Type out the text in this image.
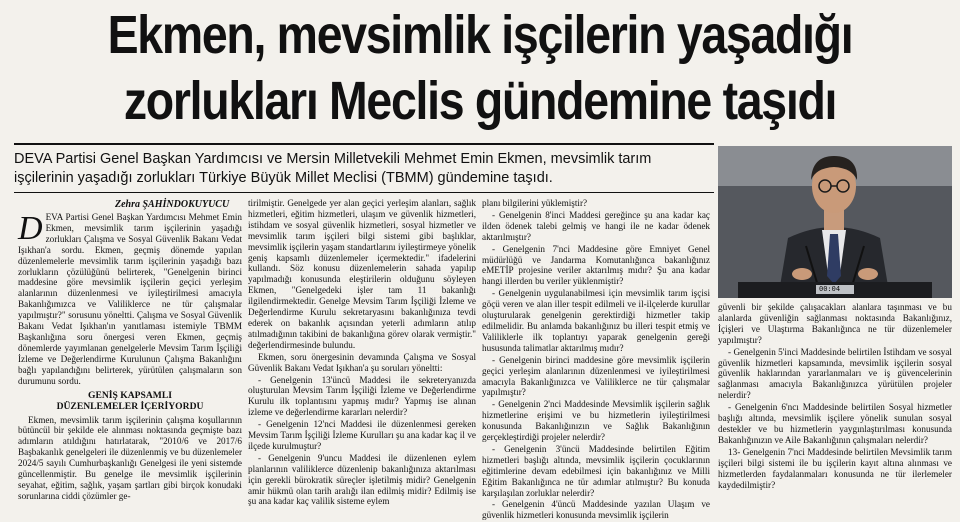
Ekmen, mevsimlik işçilerin yaşadığı
zorlukları Meclis gündemine taşıdı
DEVA Partisi Genel Başkan Yardımcısı ve Mersin Milletvekili Mehmet Emin Ekmen, mevsimlik tarım işçilerinin yaşadığı zorlukları Türkiye Büyük Millet Meclisi (TBMM) gündemine taşıdı.
00:04
Zehra ŞAHİNDOKUYUCU

DEVA Partisi Genel Başkan Yardımcısı Mehmet Emin Ekmen, mevsimlik tarım işçilerinin yaşadığı zorlukları Çalışma ve Sosyal Güvenlik Bakanı Vedat Işıkhan'a sordu. Ekmen, geçmiş dönemde yapılan düzenlemelerle mevsimlik tarım işçilerinin yaşadığı bazı zorlukların çözülüğünü belirterek, "Genelgenin birinci maddesine göre mevsimlik işçilerin geçici yerleşim alanlarının düzenlenmesi ve iyileştirilmesi amacıyla Bakanlığımızca ve Valiliklerce ne tür çalışmalar yapılmıştır?" sorusunu yöneltti. Çalışma ve Sosyal Güvenlik Bakanı Vedat Işıkhan'ın yanıtlaması istemiyle TBMM Başkanlığına soru önergesi veren Ekmen, geçmiş dönemlerde yayımlanan genelgelerle Mevsim Tarım İşçiliği İzleme ve Değerlendirme Kurulunun Çalışma Bakanlığını bağlı yapılandığını belirterek, yürütülen çalışmaların son durumunu sordu.

GENİŞ KAPSAMLI
DÜZENLEMELER İÇERİYORDU

Ekmen, mevsimlik tarım işçilerinin çalışma koşullarının bütüncül bir şekilde ele alınması noktasında geçmişte bazı adımların atıldığını hatırlatarak, "2010/6 ve 2017/6 Başbakanlık genelgeleri ile düzenlenmiş ve bu düzenlemeler 2024/5 sayılı Cumhurbaşkanlığı Genelgesi ile yeni sistemde güncellenmiştir. Bu genelge ile mevsimlik işçilerinin seyahat, eğitim, sağlık, yaşam şartları gibi birçok konudaki sorunlarına ciddi çözümler ge-

tirilmiştir. Genelgede yer alan geçici yerleşim alanları, sağlık hizmetleri, eğitim hizmetleri, ulaşım ve güvenlik hizmetleri, istihdam ve sosyal güvenlik hizmetleri, sosyal hizmetler ve mevsimlik tarım işçileri bilgi sistemi gibi başlıklar, mevsimlik işçilerin yaşam standartlarını iyileştirmeye yönelik geniş kapsamlı düzenlemeler içermektedir." ifadelerini kullandı. Söz konusu düzenlemelerin sahada yapılıp yapılmadığı konusunda eleştirilerin olduğunu söyleyen Ekmen, "Genelgedeki işler tam 11 bakanlığı ilgilendirmektedir. Genelge Mevsim Tarım İşçiliği İzleme ve Değerlendirme Kurulu sekretaryasını bakanlığınıza tevdi ederek on bakanlık açısından yeterli adımların atılıp atılmadığının takibini de bakanlığına görev olarak vermiştir." değerlendirmesinde bulundu.

Ekmen, soru önergesinin devamında Çalışma ve Sosyal Güvenlik Bakanı Vedat Işıkhan'a şu soruları yöneltti:

- Genelgenin 13'üncü Maddesi ile sekreteryanızda oluşturulan Mevsim Tarım İşçiliği İzleme ve Değerlendirme Kurulu ilk toplantısını yapmış mıdır? Yapmış ise alınan izleme ve değerlendirme kararları nelerdir?

- Genelgenin 12'nci Maddesi ile düzenlenmesi gereken Mevsim Tarım İşçiliği İzleme Kurulları şu ana kadar kaç il ve ilçede kurulmuştur?

- Genelgenin 9'uncu Maddesi ile düzenlenen eylem planlarının valiliklerce düzenlenip bakanlığınıza aktarılması için gerekli bürokratik süreçler işletilmiş midir? Genelgenin amir hükmü olan tarih aralığı ilan edilmiş midir? Edilmiş ise şu ana kadar kaç valilik sisteme eylem

planı bilgilerini yüklemiştir?

- Genelgenin 8'inci Maddesi gereğince şu ana kadar kaç ilden ödenek talebi gelmiş ve hangi ile ne kadar ödenek aktarılmıştır?

- Genelgenin 7'nci Maddesine göre Emniyet Genel müdürlüğü ve Jandarma Komutanlığınca bakanlığınız eMETİP projesine veriler aktarılmış mıdır? Şu ana kadar hangi illerden bu veriler yüklenmiştir?

- Genelgenin uygulanabilmesi için mevsimlik tarım işçisi göçü veren ve alan iller tespit edilmeli ve il-ilçelerde kurullar oluşturularak genelgenin gerektirdiği hizmetler takip edilmelidir. Bu anlamda bakanlığınız bu illeri tespit etmiş ve Valiliklerle ilk toplantıyı yaparak genelgenin gereği hususunda talimatlar aktarılmış mıdır?

- Genelgenin birinci maddesine göre mevsimlik işçilerin geçici yerleşim alanlarının düzenlenmesi ve iyileştirilmesi amacıyla Bakanlığınızca ve Valiliklerce ne tür çalışmalar yapılmıştır?

- Genelgenin 2'nci Maddesinde Mevsimlik işçilerin sağlık hizmetlerine erişimi ve bu hizmetlerin iyileştirilmesi konusunda Bakanlığınızın ve Sağlık Bakanlığının gerçekleştirdiği projeler nelerdir?

- Genelgenin 3'üncü Maddesinde belirtilen Eğitim hizmetleri başlığı altında, mevsimlik işçilerin çocuklarının eğitimlerine devam edebilmesi için bakanlığınız ve Milli Eğitim Bakanlığınca ne tür adımlar atılmıştır? Bu konuda karşılaşılan zorluklar nelerdir?

- Genelgenin 4'üncü Maddesinde yazılan Ulaşım ve güvenlik hizmetleri konusunda mevsimlik işçilerin

güvenli bir şekilde çalışacakları alanlara taşınması ve bu alanlarda güvenliğin sağlanması noktasında Bakanlığınız, İçişleri ve Ulaştırma Bakanlığınca ne tür düzenlemeler yapılmıştır?

- Genelgenin 5'inci Maddesinde belirtilen İstihdam ve sosyal güvenlik hizmetleri kapsamında, mevsimlik işçilerin sosyal güvenlik haklarından yararlanmaları ve iş güvencelerinin sağlanması amacıyla Bakanlığınızca yürütülen projeler nelerdir?

- Genelgenin 6'ncı Maddesinde belirtilen Sosyal hizmetler başlığı altında, mevsimlik işçilere yönelik sunulan sosyal destekler ve bu hizmetlerin yaygınlaştırılması konusunda Bakanlığınızın ve Aile Bakanlığının çalışmaları nelerdir?

13- Genelgenin 7'nci Maddesinde belirtilen Mevsimlik tarım işçileri bilgi sistemi ile bu işçilerin kayıt altına alınması ve hizmetlerden faydalanmaları konusunda ne tür ilerlemeler kaydedilmiştir?
